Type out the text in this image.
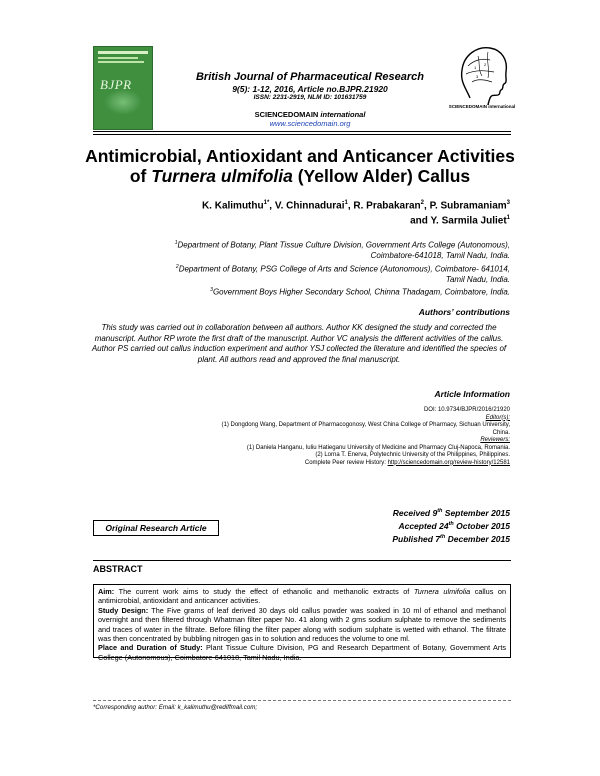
BJPR	British Journal of Pharmaceutical Research
9(5): 1-12, 2016, Article no.BJPR.21920
ISSN: 2231-2919, NLM ID: 101631759
SCIENCEDOMAIN international
www.sciencedomain.org
1
2
3
SCIENCEDOMAIN international
Antimicrobial, Antioxidant and Anticancer Activities
of Turnera ulmifolia (Yellow Alder) Callus
K. Kalimuthu$^{1*}$, V. Chinnadurai$^1$, R. Prabakaran$^2$, P. Subramaniam$^3$
and Y. Sarmila Juliet$^1$
$^1$Department of Botany, Plant Tissue Culture Division, Government Arts College (Autonomous),
Coimbatore-641018, Tamil Nadu, India.
$^2$Department of Botany, PSG College of Arts and Science (Autonomous), Coimbatore- 641014,
Tamil Nadu, India.
$^3$Government Boys Higher Secondary School, Chinna Thadagam, Coimbatore, India.
Authors’ contributions
This study was carried out in collaboration between all authors. Author KK designed the study and corrected the manuscript. Author RP wrote the first draft of the manuscript. Author VC analysis the different activities of the callus. Author PS carried out callus induction experiment and author YSJ collected the literature and identified the species of plant. All authors read and approved the final manuscript.
Article Information
DOI: 10.9734/BJPR/2016/21920
Editor(s):
(1) Dongdong Wang, Department of Pharmacogonosy, West China College of Pharmacy, Sichuan University,
China.
Reviewers:
(1) Daniela Hanganu, Iuliu Hatieganu University of Medicine and Pharmacy Cluj-Napoca, Romania.
(2) Lorna T. Enerva, Polytechnic University of the Philippines, Philippines.
Complete Peer review History: http://sciencedomain.org/review-history/12581
Original Research Article
Received 9th September 2015
Accepted 24th October 2015
Published 7th December 2015
ABSTRACT
Aim: The current work aims to study the effect of ethanolic and methanolic extracts of Turnera ulmifolia callus on antimicrobial, antioxidant and anticancer activities.
Study Design: The Five grams of leaf derived 30 days old callus powder was soaked in 10 ml of ethanol and methanol overnight and then filtered through Whatman filter paper No. 41 along with 2 gms sodium sulphate to remove the sediments and traces of water in the filtrate. Before filling the filter paper along with sodium sulphate is wetted with ethanol. The filtrate was then concentrated by bubbling nitrogen gas in to solution and reduces the volume to one ml.
Place and Duration of Study: Plant Tissue Culture Division, PG and Research Department of Botany, Government Arts College (Autonomous), Coimbatore-641018, Tamil Nadu, India.
*Corresponding author: Email: k_kalimuthu@rediffmail.com;
